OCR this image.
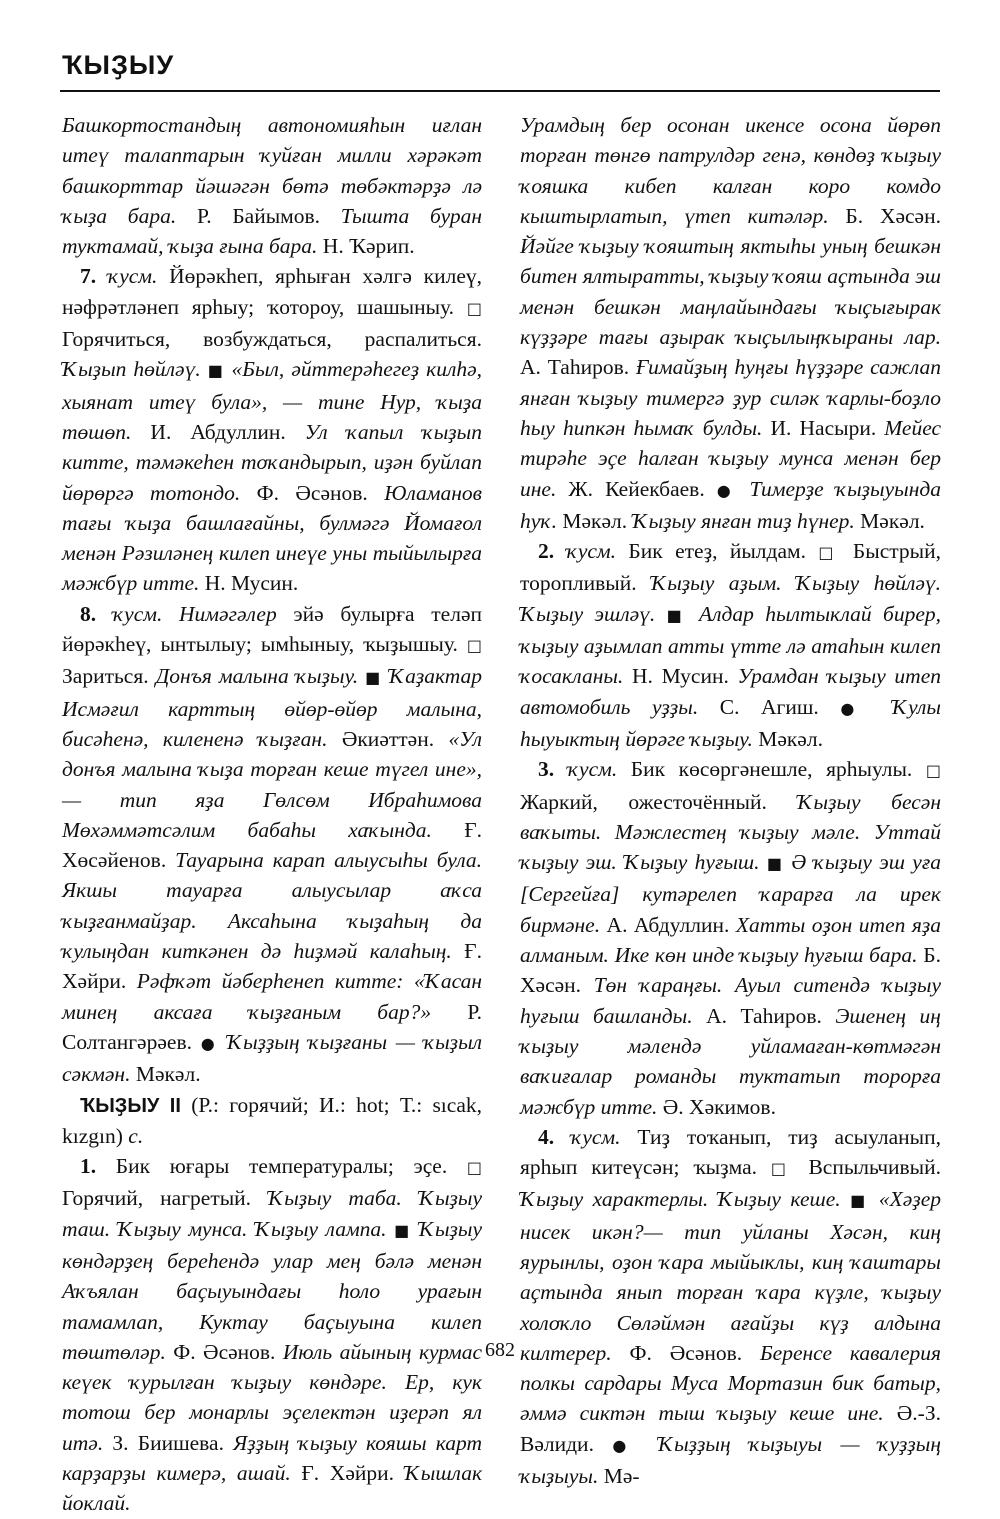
ҠЫҘЫУ

Башкортостандың автономияһын иғлан итеү талаптарын ҡуйған милли хәрәкәт башкорттар йәшәгән бөтә төбәктәрҙә лә ҡыҙа бара. Р. Байымов. Тышта буран туктамай, ҡыҙа ғына бара. Н. Ҡәрип.

7. ҡусм. Йөрәкһеп, ярһыған хәлгә килеү, нәфрәтләнеп ярһыу; ҡотороу, шашыныу. □ Горячиться, возбуждаться, распалиться. Ҡыҙып һөйләү. ■ «Был, әйттерәһегеҙ килһә, хыянат итеү була», — тине Нур, ҡыҙа төшөп. И. Абдуллин. Ул ҡапыл ҡыҙып китте, тәмәкеһен тоҡандырып, иҙән буйлап йөрөргә тотондо. Ф. Әсәнов. Юламанов тағы ҡыҙа башлағайны, булмәгә Йомағол менән Рәзиләнең килеп инеүе уны тыйылырға мәжбүр итте. Н. Мусин.

8. ҡусм. Нимәгәлер эйә булырға теләп йөрәкһеү, ынтылыу; ымһыныу, ҡыҙышыу. □ Зариться. Донъя малына ҡыҙыу. ■ Ҡаҙактар Исмәғил карттың өйөр-өйөр малына, бисәһенә, килененә ҡыҙған. Әкиәттән. «Ул донъя малына ҡыҙа торған кеше түгел ине», — тип яҙа Гөлсөм Ибраһимова Мөхәммәтсәлим бабаһы хаҡында. Ғ. Хөсәйенов. Тауарына карап алыусыһы була. Якшы тауарға алыусылар аҡса ҡыҙғанмайҙар. Аксаһына ҡыҙаһың да ҡулыңдан киткәнен дә һиҙмәй калаһың. Ғ. Хәйри. Рәфҡәт йәберһенеп китте: «Ҡасан минең аксаға ҡыҙғаным бар?» Р. Солтангәрәев. ● Ҡыҙҙың ҡыҙғаны — ҡыҙыл сәкмән. Мәкәл.

ҠЫҘЫУ II (Р.: горячий; И.: hot; Т.: sıcak, kızgın) с.

1. Бик юғары температуралы; эҫе. □ Горячий, нагретый. Ҡыҙыу таба. Ҡыҙыу таш. Ҡыҙыу мунса. Ҡыҙыу лампа. ■ Ҡыҙыу көндәрҙең береһендә улар мең бәлә менән Аҡъялан баҫыуындағы һоло урағын тамамлап, Куктау баҫыуына килеп төштөләр. Ф. Әсәнов. Июль айының курмас кеүек ҡурылған ҡыҙыу көндәре. Ер, кук тотош бер монарлы эҫелектән иҙерәп ял итә. З. Биишева. Яҙҙың ҡыҙыу кояшы карт карҙарҙы кимерә, ашай. Ғ. Хәйри. Ҡышлак йоклай.

Урамдың бер осонан икенсе осона йөрөп торған төнгө патрулдәр генә, көндөҙ ҡыҙыу ҡояшка кибеп калған коро комдо кыштырлатып, үтеп китәләр. Б. Хәсән. Йәйге ҡыҙыу ҡояштың яктыһы уның бешкән битен ялтыратты, ҡыҙыу ҡояш аҫтында эш менән бешкән маңлайындағы ҡыҫығырак күҙҙәре тағы аҙырак ҡыҫылыңҡыраны лар. А. Таһиров. Ғимайҙың һуңғы һүҙҙәре сажлап янған ҡыҙыу тимергә ҙур силәк ҡарлы-боҙло һыу һипкән һымаҡ булды. И. Насыри. Мейес тирәһе эҫе һалған ҡыҙыу мунса менән бер ине. Ж. Кейекбаев. ● Тимерҙе ҡыҙыуында һуҡ. Мәкәл. Ҡыҙыу янған тиҙ һүнер. Мәкәл.

2. ҡусм. Бик етеҙ, йылдам. □ Быстрый, торопливый. Ҡыҙыу аҙым. Ҡыҙыу һөйләү. Ҡыҙыу эшләү. ■ Алдар һылтыклай бирер, ҡыҙыу аҙымлап атты үтте лә атаһын килеп ҡосакланы. Н. Мусин. Урамдан ҡыҙыу итеп автомобиль уҙҙы. С. Агиш. ● Ҡулы һыуыктың йөрәге ҡыҙыу. Мәкәл.

3. ҡусм. Бик көсөргәнешле, ярһыулы. □ Жаркий, ожесточённый. Ҡыҙыу бесән ваҡыты. Мәжлестең ҡыҙыу мәле. Уттай ҡыҙыу эш. Ҡыҙыу һуғыш. ■ Ә ҡыҙыу эш уға [Сергейға] кутәрелеп ҡарарға ла ирек бирмәне. А. Абдуллин. Хатты оҙон итеп яҙа алманым. Ике көн инде ҡыҙыу һуғыш бара. Б. Хәсән. Төн ҡараңғы. Ауыл ситендә ҡыҙыу һуғыш башланды. А. Таһиров. Эшенең иң ҡыҙыу мәлендә уйламаған-көтмәгән ваҡиғалар романды туктатып торорға мәжбүр итте. Ә. Хәкимов.

4. ҡусм. Тиҙ тоҡанып, тиҙ асыуланып, ярһып китеүсән; ҡыҙма. □ Вспыльчивый. Ҡыҙыу характерлы. Ҡыҙыу кеше. ■ «Хәҙер нисек икән?— тип уйланы Хәсән, киң яурынлы, оҙон ҡара мыйыклы, киң ҡаштары аҫтында янып торған ҡара күҙле, ҡыҙыу холоҡло Сөләймән ағайҙы күҙ алдына килтерер. Ф. Әсәнов. Беренсе кавалерия полкы сардары Муса Мортазин бик батыр, әммә сиктән тыш ҡыҙыу кеше ине. Ә.-З. Вәлиди. ● Ҡыҙҙың ҡыҙыуы — ҡуҙҙың ҡыҙыуы. Мә-

682
